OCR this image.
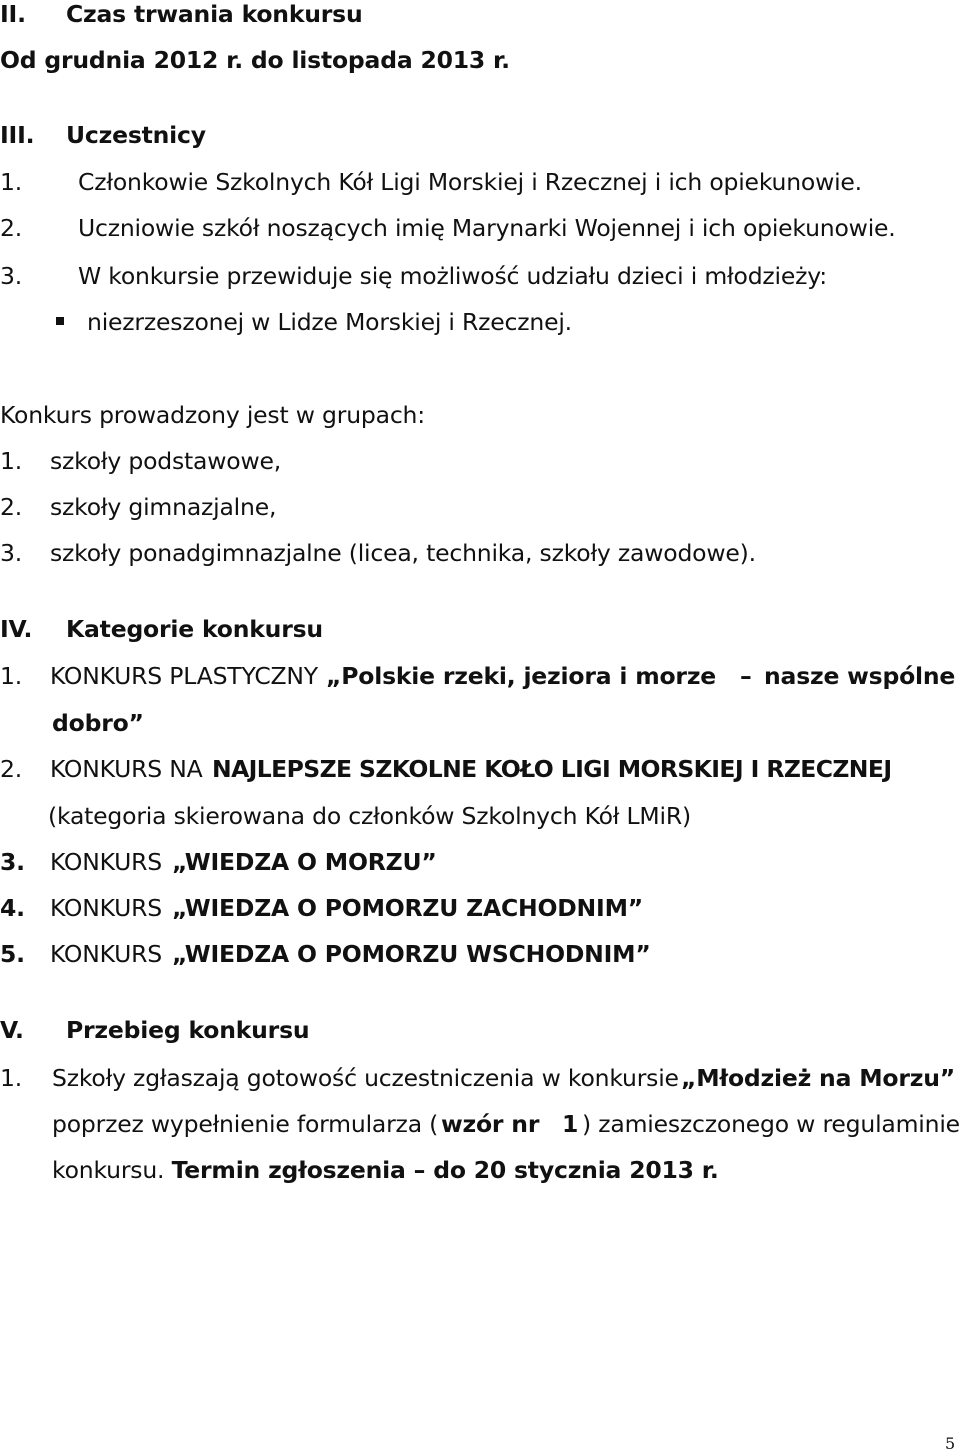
II. Czas trwania konkursu
Od grudnia 2012 r. do listopada 2013 r.
III. Uczestnicy
1. Członkowie Szkolnych Kół Ligi Morskiej i Rzecznej i ich opiekunowie.
2. Uczniowie szkół noszących imię Marynarki Wojennej i ich opiekunowie.
3. W konkursie przewiduje się możliwość udziału dzieci i młodzieży:
niezrzeszonej w Lidze Morskiej i Rzecznej.
Konkurs prowadzony jest w grupach:
1. szkoły podstawowe,
2. szkoły gimnazjalne,
3. szkoły ponadgimnazjalne (licea, technika, szkoły zawodowe).
IV. Kategorie konkursu
1. KONKURS PLASTYCZNY „Polskie rzeki, jeziora i morze – nasze wspólne
dobro”
2. KONKURS NA NAJLEPSZE SZKOLNE KOŁO LIGI MORSKIEJ I RZECZNEJ
(kategoria skierowana do członków Szkolnych Kół LMiR)
3. KONKURS „WIEDZA O MORZU”
4. KONKURS „WIEDZA O POMORZU ZACHODNIM”
5. KONKURS „WIEDZA O POMORZU WSCHODNIM”
V. Przebieg konkursu
1. Szkoły zgłaszają gotowość uczestniczenia w konkursie „Młodzież na Morzu”
poprzez wypełnienie formularza ( wzór nr 1 ) zamieszczonego w regulaminie
konkursu. Termin zgłoszenia – do 20 stycznia 2013 r.
5
